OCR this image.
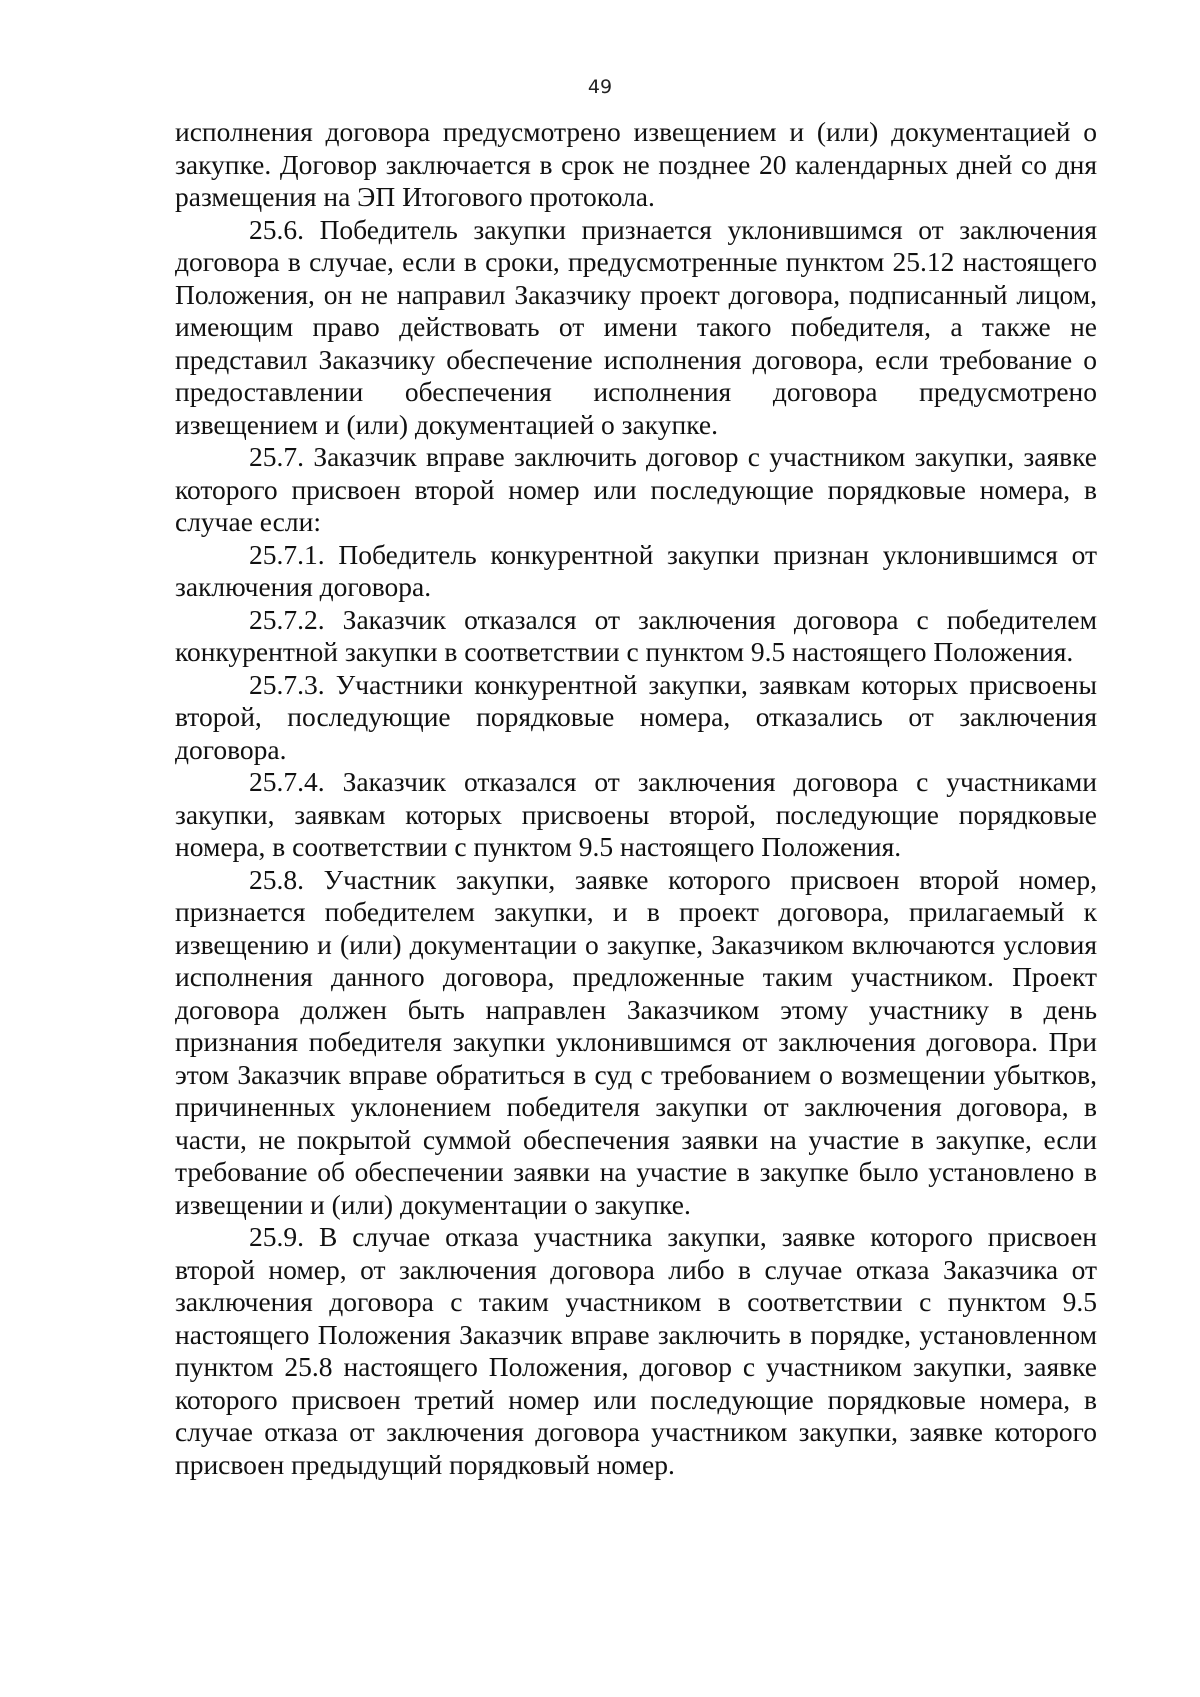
49

исполнения договора предусмотрено извещением и (или) документацией о закупке. Договор заключается в срок не позднее 20 календарных дней со дня размещения на ЭП Итогового протокола.

25.6. Победитель закупки признается уклонившимся от заключения договора в случае, если в сроки, предусмотренные пунктом 25.12 настоящего Положения, он не направил Заказчику проект договора, подписанный лицом, имеющим право действовать от имени такого победителя, а также не представил Заказчику обеспечение исполнения договора, если требование о предоставлении обеспечения исполнения договора предусмотрено извещением и (или) документацией о закупке.

25.7. Заказчик вправе заключить договор с участником закупки, заявке которого присвоен второй номер или последующие порядковые номера, в случае если:

25.7.1. Победитель конкурентной закупки признан уклонившимся от заключения договора.

25.7.2. Заказчик отказался от заключения договора с победителем конкурентной закупки в соответствии с пунктом 9.5 настоящего Положения.

25.7.3. Участники конкурентной закупки, заявкам которых присвоены второй, последующие порядковые номера, отказались от заключения договора.

25.7.4. Заказчик отказался от заключения договора с участниками закупки, заявкам которых присвоены второй, последующие порядковые номера, в соответствии с пунктом 9.5 настоящего Положения.

25.8. Участник закупки, заявке которого присвоен второй номер, признается победителем закупки, и в проект договора, прилагаемый к извещению и (или) документации о закупке, Заказчиком включаются условия исполнения данного договора, предложенные таким участником. Проект договора должен быть направлен Заказчиком этому участнику в день признания победителя закупки уклонившимся от заключения договора. При этом Заказчик вправе обратиться в суд с требованием о возмещении убытков, причиненных уклонением победителя закупки от заключения договора, в части, не покрытой суммой обеспечения заявки на участие в закупке, если требование об обеспечении заявки на участие в закупке было установлено в извещении и (или) документации о закупке.

25.9. В случае отказа участника закупки, заявке которого присвоен второй номер, от заключения договора либо в случае отказа Заказчика от заключения договора с таким участником в соответствии с пунктом 9.5 настоящего Положения Заказчик вправе заключить в порядке, установленном пунктом 25.8 настоящего Положения, договор с участником закупки, заявке которого присвоен третий номер или последующие порядковые номера, в случае отказа от заключения договора участником закупки, заявке которого присвоен предыдущий порядковый номер.
